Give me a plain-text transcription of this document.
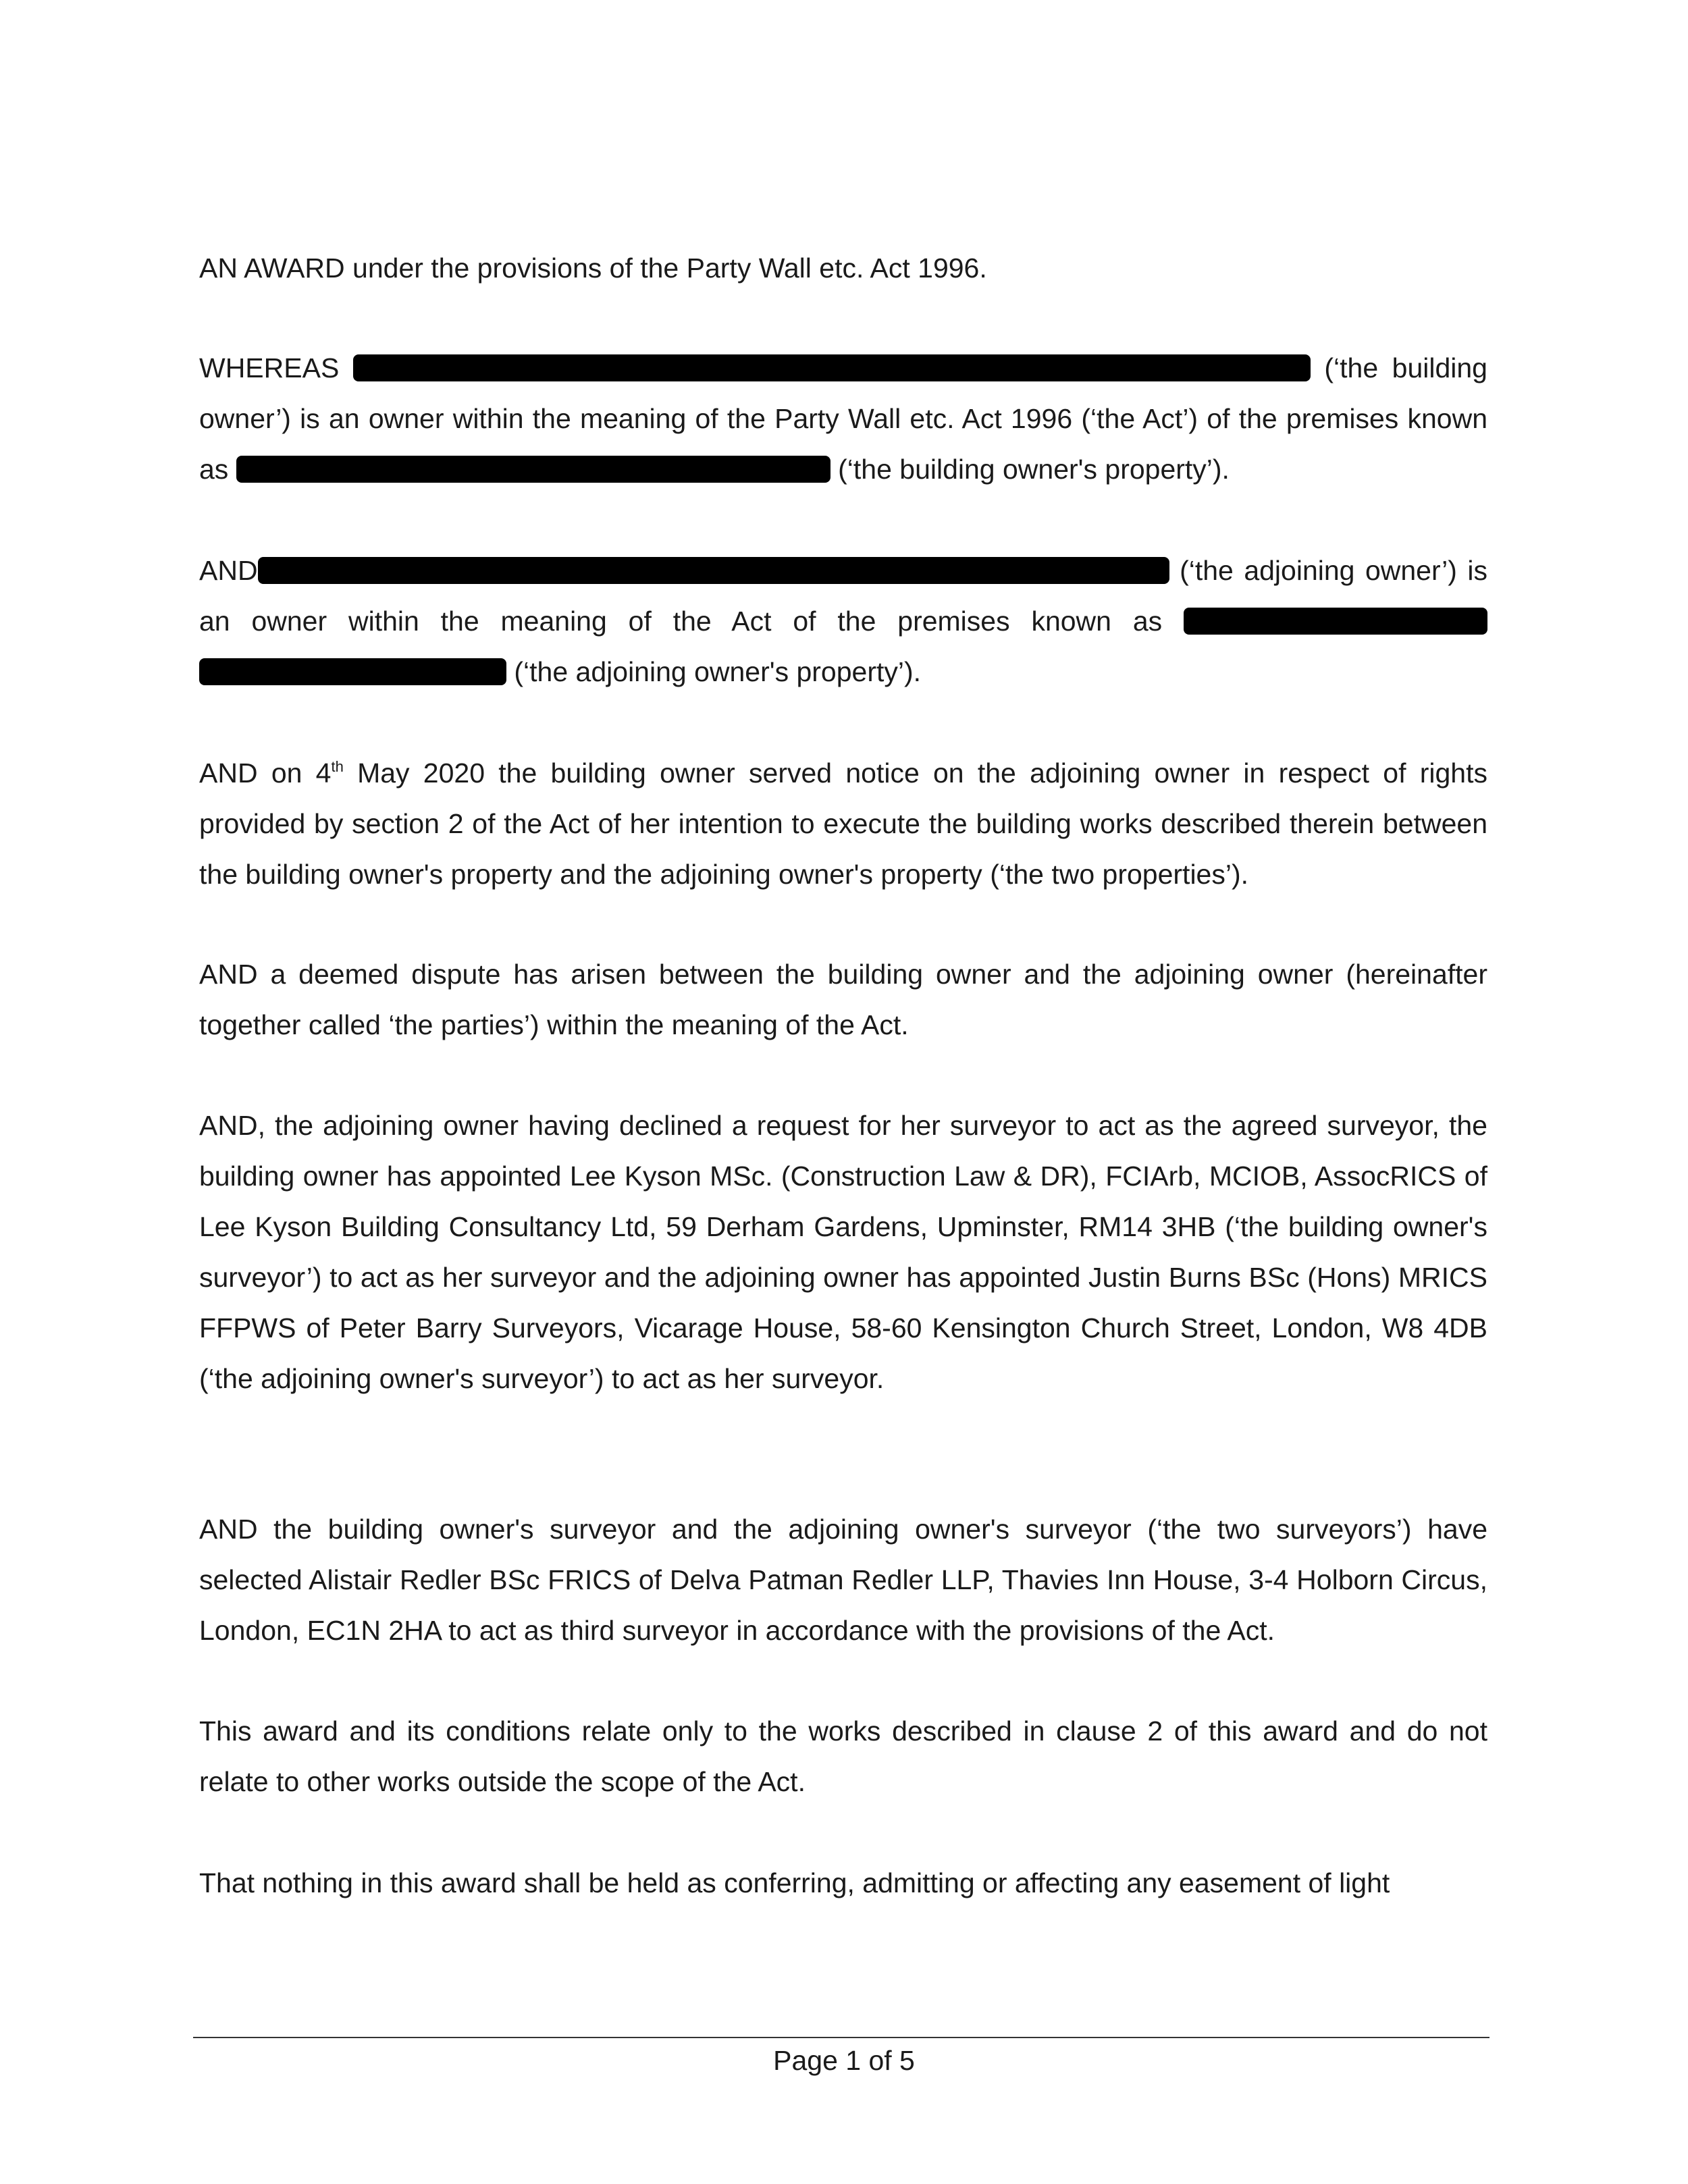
AN AWARD under the provisions of the Party Wall etc. Act 1996.

WHEREAS	(‘the building owner’) is an owner within the meaning of the Party Wall etc. Act 1996 (‘the Act’) of the premises known as	(‘the building owner's property’).

AND	(‘the adjoining owner’) is an owner within the meaning of the Act of the premises known as   (‘the adjoining owner's property’).

AND on 4th May 2020 the building owner served notice on the adjoining owner in respect of rights provided by section 2 of the Act of her intention to execute the building works described therein between the building owner's property and the adjoining owner's property (‘the two properties’).

AND a deemed dispute has arisen between the building owner and the adjoining owner (hereinafter together called ‘the parties’) within the meaning of the Act.

AND, the adjoining owner having declined a request for her surveyor to act as the agreed surveyor, the building owner has appointed Lee Kyson MSc. (Construction Law & DR), FCIArb, MCIOB, AssocRICS of Lee Kyson Building Consultancy Ltd, 59 Derham Gardens, Upminster, RM14 3HB (‘the building owner's surveyor’) to act as her surveyor and the adjoining owner has appointed Justin Burns BSc (Hons) MRICS FFPWS of Peter Barry Surveyors, Vicarage House, 58-60 Kensington Church Street, London, W8 4DB (‘the adjoining owner's surveyor’) to act as her surveyor.

AND the building owner's surveyor and the adjoining owner's surveyor (‘the two surveyors’) have selected Alistair Redler BSc FRICS of Delva Patman Redler LLP, Thavies Inn House, 3-4 Holborn Circus, London, EC1N 2HA to act as third surveyor in accordance with the provisions of the Act.

This award and its conditions relate only to the works described in clause 2 of this award and do not relate to other works outside the scope of the Act.

That nothing in this award shall be held as conferring, admitting or affecting any easement of light

Page 1 of 5
